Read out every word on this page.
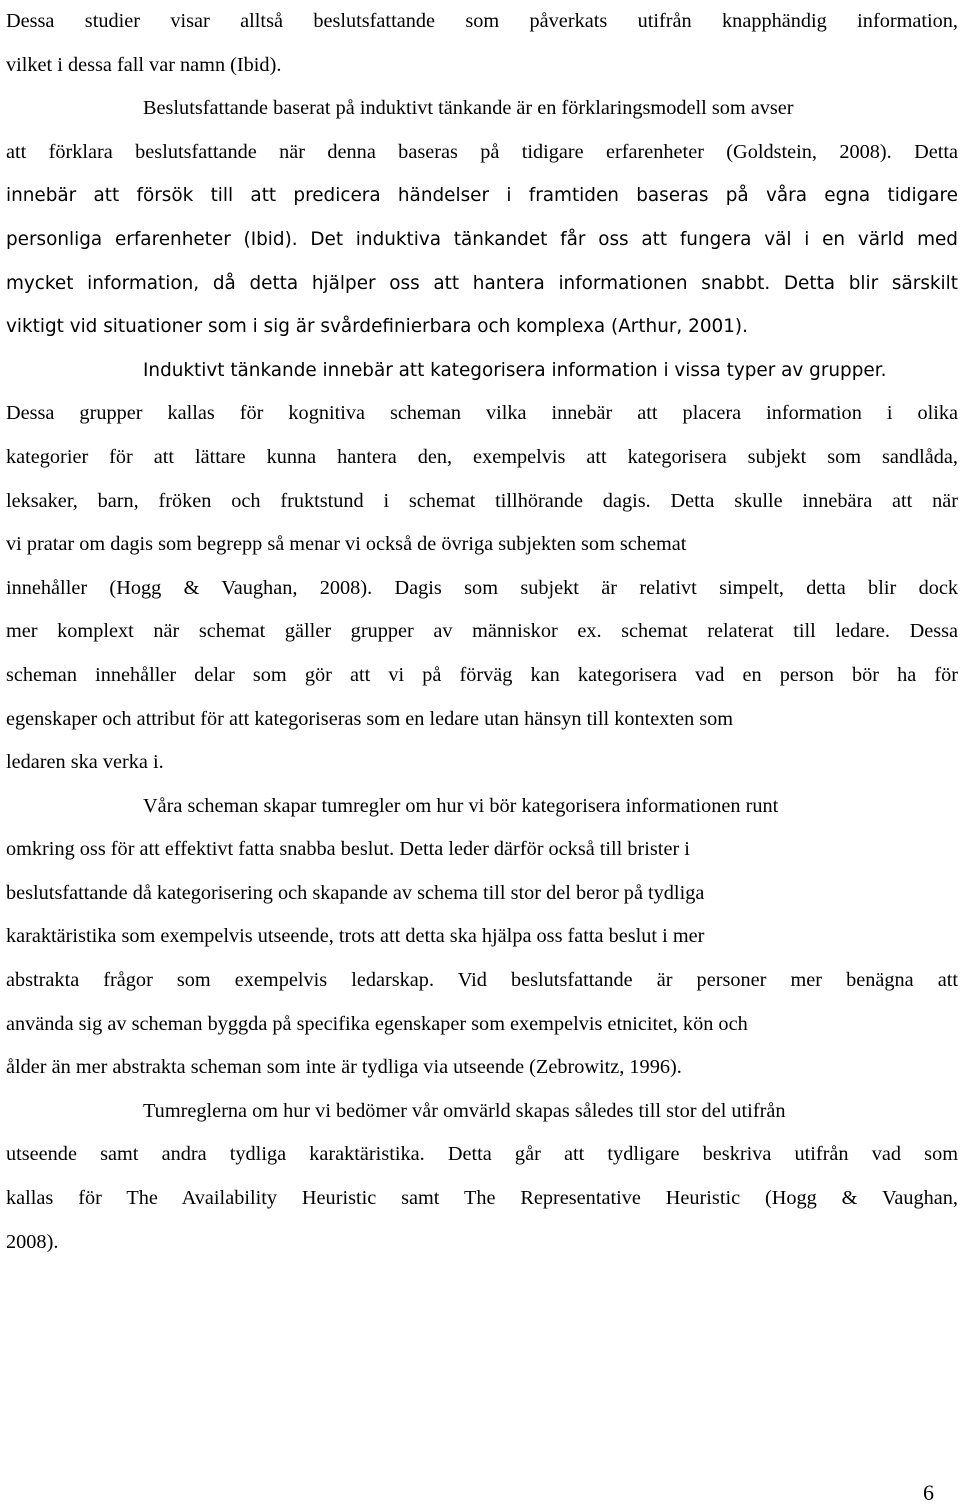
Dessa studier visar alltså beslutsfattande som påverkats utifrån knapphändig information,
vilket i dessa fall var namn (Ibid).
Beslutsfattande baserat på induktivt tänkande är en förklaringsmodell som avser
att förklara beslutsfattande när denna baseras på tidigare erfarenheter (Goldstein, 2008). Detta
innebär att försök till att predicera händelser i framtiden baseras på våra egna tidigare
personliga erfarenheter (Ibid). Det induktiva tänkandet får oss att fungera väl i en värld med
mycket information, då detta hjälper oss att hantera informationen snabbt. Detta blir särskilt
viktigt vid situationer som i sig är svårdefinierbara och komplexa (Arthur, 2001).
Induktivt tänkande innebär att kategorisera information i vissa typer av grupper.
Dessa grupper kallas för kognitiva scheman vilka innebär att placera information i olika
kategorier för att lättare kunna hantera den, exempelvis att kategorisera subjekt som sandlåda,
leksaker, barn, fröken och fruktstund i schemat tillhörande dagis. Detta skulle innebära att när
vi pratar om dagis som begrepp så menar vi också de övriga subjekten som schemat
innehåller (Hogg & Vaughan, 2008). Dagis som subjekt är relativt simpelt, detta blir dock
mer komplext när schemat gäller grupper av människor ex. schemat relaterat till ledare. Dessa
scheman innehåller delar som gör att vi på förväg kan kategorisera vad en person bör ha för
egenskaper och attribut för att kategoriseras som en ledare utan hänsyn till kontexten som
ledaren ska verka i.
Våra scheman skapar tumregler om hur vi bör kategorisera informationen runt
omkring oss för att effektivt fatta snabba beslut. Detta leder därför också till brister i
beslutsfattande då kategorisering och skapande av schema till stor del beror på tydliga
karaktäristika som exempelvis utseende, trots att detta ska hjälpa oss fatta beslut i mer
abstrakta frågor som exempelvis ledarskap. Vid beslutsfattande är personer mer benägna att
använda sig av scheman byggda på specifika egenskaper som exempelvis etnicitet, kön och
ålder än mer abstrakta scheman som inte är tydliga via utseende (Zebrowitz, 1996).
Tumreglerna om hur vi bedömer vår omvärld skapas således till stor del utifrån
utseende samt andra tydliga karaktäristika. Detta går att tydligare beskriva utifrån vad som
kallas för The Availability Heuristic samt The Representative Heuristic (Hogg & Vaughan,
2008).
6
